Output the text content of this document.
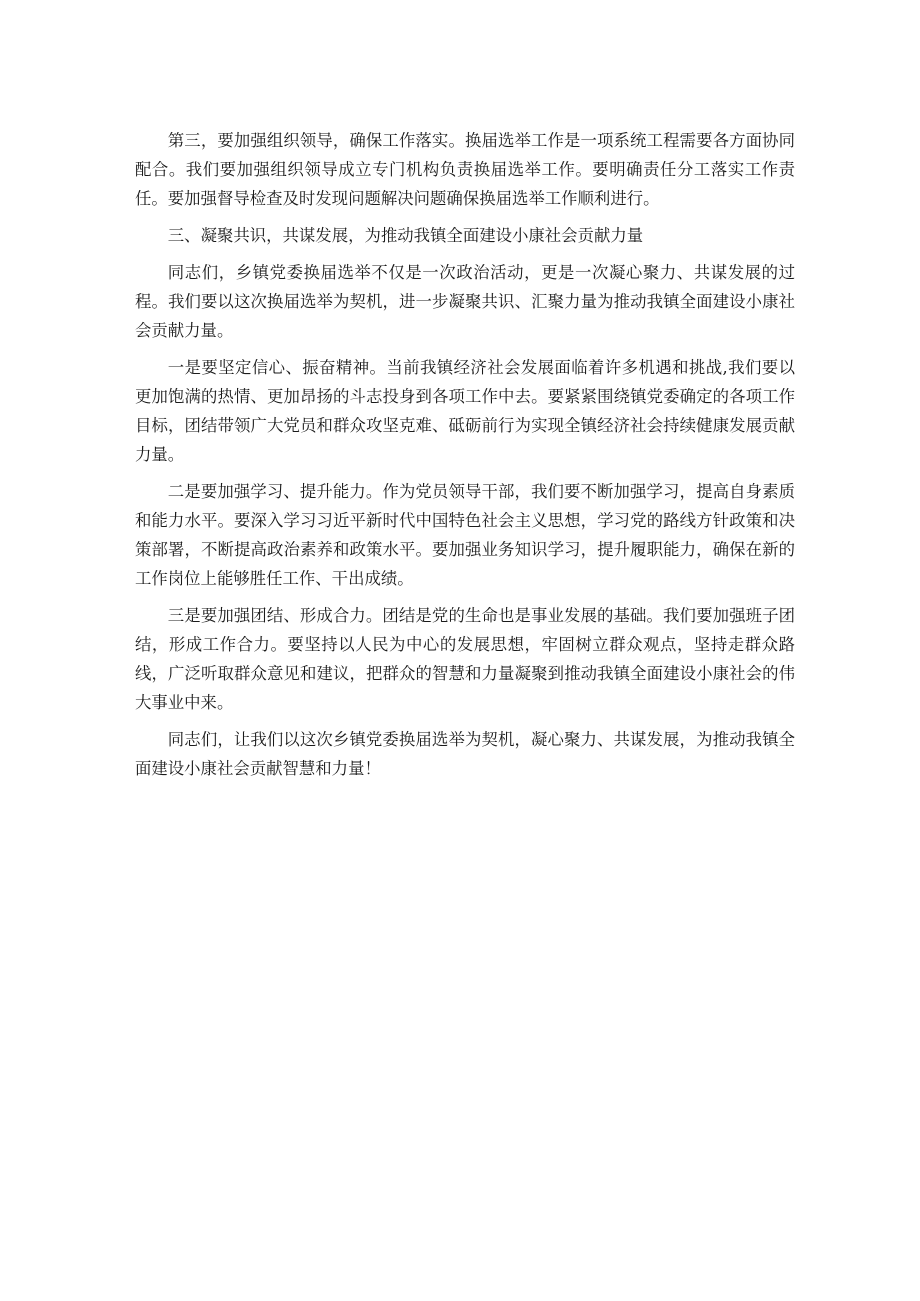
第三，要加强组织领导，确保工作落实。换届选举工作是一项系统工程需要各方面协同配合。我们要加强组织领导成立专门机构负责换届选举工作。要明确责任分工落实工作责任。要加强督导检查及时发现问题解决问题确保换届选举工作顺利进行。

三、凝聚共识，共谋发展，为推动我镇全面建设小康社会贡献力量

同志们，乡镇党委换届选举不仅是一次政治活动，更是一次凝心聚力、共谋发展的过程。我们要以这次换届选举为契机，进一步凝聚共识、汇聚力量为推动我镇全面建设小康社会贡献力量。

一是要坚定信心、振奋精神。当前我镇经济社会发展面临着许多机遇和挑战,我们要以更加饱满的热情、更加昂扬的斗志投身到各项工作中去。要紧紧围绕镇党委确定的各项工作目标，团结带领广大党员和群众攻坚克难、砥砺前行为实现全镇经济社会持续健康发展贡献力量。

二是要加强学习、提升能力。作为党员领导干部，我们要不断加强学习，提高自身素质和能力水平。要深入学习习近平新时代中国特色社会主义思想，学习党的路线方针政策和决策部署，不断提高政治素养和政策水平。要加强业务知识学习，提升履职能力，确保在新的工作岗位上能够胜任工作、干出成绩。

三是要加强团结、形成合力。团结是党的生命也是事业发展的基础。我们要加强班子团结，形成工作合力。要坚持以人民为中心的发展思想，牢固树立群众观点，坚持走群众路线，广泛听取群众意见和建议，把群众的智慧和力量凝聚到推动我镇全面建设小康社会的伟大事业中来。

同志们，让我们以这次乡镇党委换届选举为契机，凝心聚力、共谋发展，为推动我镇全面建设小康社会贡献智慧和力量！
